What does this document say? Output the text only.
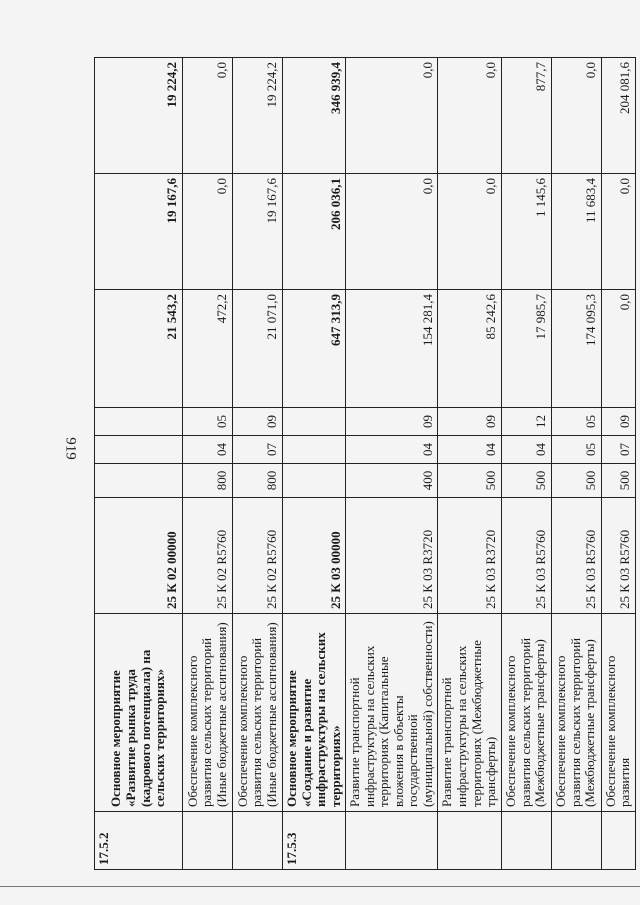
919
17.5.2	Основное мероприятие «Развитие рынка труда (кадрового потенциала) на сельских территориях»	25 К 02 00000				21 543,2	19 167,6	19 224,2
	Обеспечение комплексного развития сельских территорий (Иные бюджетные ассигнования)	25 К 02 R5760	800	04	05	472,2	0,0	0,0
	Обеспечение комплексного развития сельских территорий (Иные бюджетные ассигнования)	25 К 02 R5760	800	07	09	21 071,0	19 167,6	19 224,2
17.5.3	Основное мероприятие «Создание и развитие инфраструктуры на сельских территориях»	25 К 03 00000				647 313,9	206 036,1	346 939,4
	Развитие транспортной инфраструктуры на сельских территориях (Капитальные вложения в объекты государственной (муниципальной) собственности)	25 К 03 R3720	400	04	09	154 281,4	0,0	0,0
	Развитие транспортной инфраструктуры на сельских территориях (Межбюджетные трансферты)	25 К 03 R3720	500	04	09	85 242,6	0,0	0,0
	Обеспечение комплексного развития сельских территорий (Межбюджетные трансферты)	25 К 03 R5760	500	04	12	17 985,7	1 145,6	877,7
	Обеспечение комплексного развития сельских территорий (Межбюджетные трансферты)	25 К 03 R5760	500	05	05	174 095,3	11 683,4	0,0
	Обеспечение комплексного развития	25 К 03 R5760	500	07	09	0,0	0,0	204 081,6
